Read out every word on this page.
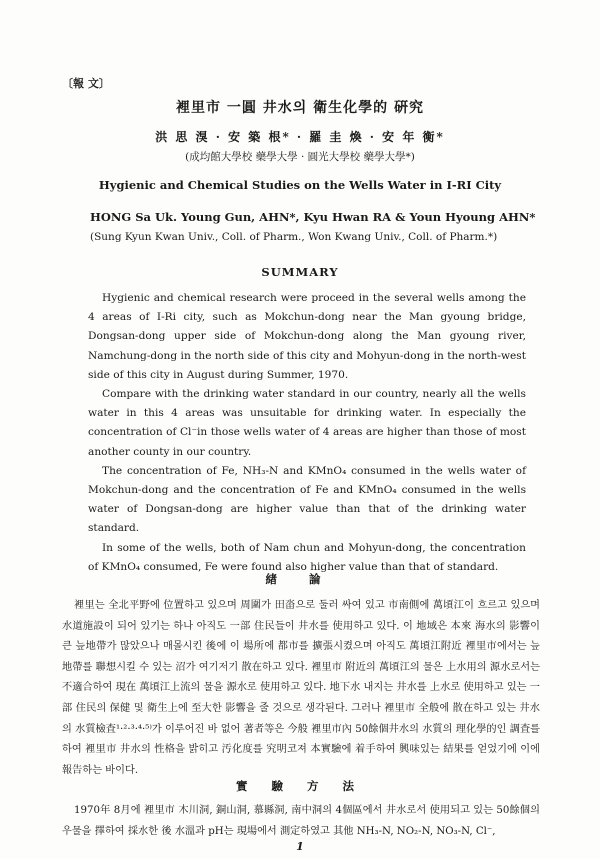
〔報 文〕
裡里市 一圓 井水의 衛生化學的 硏究
洪 思 湨 · 安 築 根* · 羅 圭 煥 · 安 年 衡*
(成均館大學校 藥學大學 · 圓光大學校 藥學大學*)
Hygienic and Chemical Studies on the Wells Water in I-RI City
HONG Sa Uk. Young Gun, AHN*, Kyu Hwan RA & Youn Hyoung AHN*
(Sung Kyun Kwan Univ., Coll. of Pharm., Won Kwang Univ., Coll. of Pharm.*)
SUMMARY

Hygienic and chemical research were proceed in the several wells among the 4 areas of I-Ri city, such as Mokchun-dong near the Man gyoung bridge, Dongsan-dong upper side of Mokchun-dong along the Man gyoung river, Namchung-dong in the north side of this city and Mohyun-dong in the north-west side of this city in August during Summer, 1970.

Compare with the drinking water standard in our country, nearly all the wells water in this 4 areas was unsuitable for drinking water. In especially the concentration of Cl⁻in those wells water of 4 areas are higher than those of most another county in our country.

The concentration of Fe, NH₃-N and KMnO₄ consumed in the wells water of Mokchun-dong and the concentration of Fe and KMnO₄ consumed in the wells water of Dongsan-dong are higher value than that of the drinking water standard.

In some of the wells, both of Nam chun and Mohyun-dong, the concentration of KMnO₄ consumed, Fe were found also higher value than that of standard.

緖 論

裡里는 全北平野에 位置하고 있으며 周圍가 田畓으로 둘러 싸여 있고 市南側에 萬頃江이 흐르고 있으며 水道施設이 되어 있기는 하나 아직도 一部 住民들이 井水를 使用하고 있다. 이 地域은 本來 海水의 影響이 큰 늪地帶가 많았으나 매몰시킨 後에 이 場所에 都市를 擴張시켰으며 아직도 萬頃江附近 裡里市에서는 늪地帶를 聯想시킬 수 있는 沼가 여기저기 散在하고 있다. 裡里市 附近의 萬頃江의 물은 上水用의 源水로서는 不適合하여 現在 萬頃江上流의 물을 源水로 使用하고 있다. 地下水 내지는 井水를 上水로 使用하고 있는 一部 住民의 保健 및 衛生上에 至大한 影響을 줄 것으로 생각된다. 그러나 裡里市 全般에 散在하고 있는 井水의 水質檢査¹·²·³·⁴·⁵⁾가 이루어진 바 없어 著者等은 今般 裡里市內 50餘個井水의 水質의 理化學的인 調査를 하여 裡里市 井水의 性格을 밝히고 汚化度를 究明코져 本實驗에 着手하여 興味있는 結果를 얻었기에 이에 報告하는 바이다.

實 驗 方 法

1970年 8月에 裡里市 木川洞, 銅山洞, 慕縣洞, 南中洞의 4個區에서 井水로서 使用되고 있는 50餘個의 우물을 擇하여 採水한 後 水溫과 pH는 現場에서 測定하였고 其他 NH₃-N, NO₂-N, NO₃-N, Cl⁻,

1
